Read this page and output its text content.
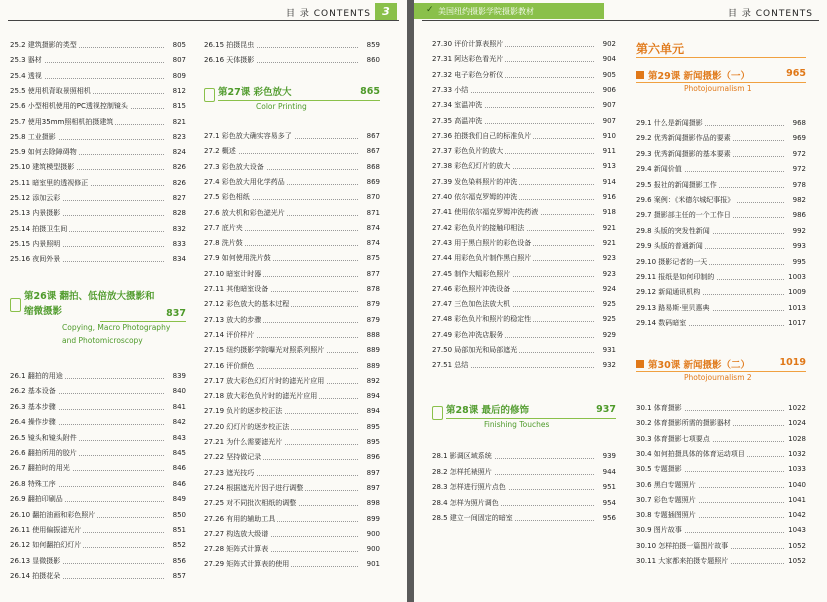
目 录 CONTENTS	3
25.2 建筑摄影的类型	805
25.3 器材	807
25.4 透视	809
25.5 使用机背取景照相机	812
25.6 小型相机使用的PC透视控制镜头	815
25.7 使用35mm照相机拍摄建筑	821
25.8 工业摄影	823
25.9 如何去除障碍物	824
25.10 建筑模型摄影	826
25.11 暗室里的透视修正	826
25.12 添加云彩	827
25.13 内景摄影	828
25.14 拍摄卫生间	832
25.15 内景照明	833
25.16 夜间外景	834
26.1 翻拍的用途	839
26.2 基本设备	840
26.3 基本步骤	841
26.4 操作步骤	842
26.5 镜头和镜头附件	843
26.6 翻拍所用的胶片	845
26.7 翻拍时的用光	846
26.8 特殊工序	846
26.9 翻拍印刷品	849
26.10 翻拍油画和彩色照片	850
26.11 使用偏振滤光片	851
26.12 如何翻拍幻灯片	852
26.13 显微摄影	856
26.14 拍摄花朵	857
第26课 翻拍、低倍放大摄影和
缩微摄影	837
Copying, Macro Photography
and Photomicroscopy
26.15 拍摄昆虫	859
26.16 天体摄影	860
第27课 彩色放大	865
Color Printing
27.1 彩色放大确实容易多了	867
27.2 概述	867
27.3 彩色放大设备	868
27.4 彩色放大用化学药品	869
27.5 彩色相纸	870
27.6 放大机和彩色滤光片	871
27.7 底片夹	874
27.8 洗片鼓	874
27.9 如何使用洗片鼓	875
27.10 暗室计时器	877
27.11 其他暗室设备	878
27.12 彩色放大的基本过程	879
27.13 放大的步骤	879
27.14 评价样片	888
27.15 纽约摄影学院曝光对照系列照片	889
27.16 评价颜色	889
27.17 放大彩色幻灯片时的滤光片应用	892
27.18 放大彩色负片时的滤光片应用	894
27.19 负片的逐步校正法	894
27.20 幻灯片的逐步校正法	895
27.21 为什么需要滤光片	895
27.22 坚持做记录	896
27.23 遮光技巧	897
27.24 根据遮光片因子进行调整	897
27.25 对不同批次相纸的调整	898
27.26 有用的辅助工具	899
27.27 构选放大级谱	900
27.28 矩阵式计算表	900
27.29 矩阵式计算表的使用	901
✓ 美国纽约摄影学院摄影教材	目 录 CONTENTS
27.30 评价计算表照片	902
27.31 阿达彩色看光片	904
27.32 电子彩色分析仪	905
27.33 小结	906
27.34 室温冲洗	907
27.35 高温冲洗	907
27.36 拍摄我们自己的标准负片	910
27.37 彩色负片的放大	911
27.38 彩色幻灯片的放大	913
27.39 发色染料照片的冲洗	914
27.40 依尔福克罗姆的冲洗	916
27.41 使用依尔福克罗姆冲洗药液	918
27.42 彩色负片的接触印相法	921
27.43 用于黑白照片的彩色设备	921
27.44 用彩色负片制作黑白照片	923
27.45 制作大幅彩色照片	923
27.46 彩色照片冲洗设备	924
27.47 三色加色法放大机	925
27.48 彩色负片和照片的稳定性	925
27.49 彩色冲洗店服务	929
27.50 局部加光和局部遮光	931
27.51 总结	932
第28课 最后的修饰	937
Finishing Touches
28.1 影调区域系统	939
28.2 怎样托裱照片	944
28.3 怎样进行照片点色	951
28.4 怎样为照片调色	954
28.5 建立一间固定的暗室	956
第六单元
第29课 新闻摄影（一）	965
Photojournalism 1
29.1 什么是新闻摄影	968
29.2 优秀新闻摄影作品的要素	969
29.3 优秀新闻摄影的基本要素	972
29.4 新闻价值	972
29.5 报社的新闻摄影工作	978
29.6 案例：《米德尔城纪事报》	982
29.7 摄影部主任的一个工作日	986
29.8 头版的突发性新闻	992
29.9 头版的普通新闻	993
29.10 摄影记者的一天	995
29.11 报纸是如何印制的	1003
29.12 新闻通讯机构	1009
29.13 路易斯·里贝惠典	1013
29.14 数码暗室	1017
第30课 新闻摄影（二）	1019
Photojournalism 2
30.1 体育摄影	1022
30.2 体育摄影所需的摄影器材	1024
30.3 体育摄影七项要点	1028
30.4 如何拍摄具体的体育运动项目	1032
30.5 专题摄影	1033
30.6 黑白专题照片	1040
30.7 彩色专题照片	1041
30.8 专题插图照片	1042
30.9 图片故事	1043
30.10 怎样拍摄一篇图片故事	1052
30.11 大家都来拍摄专题照片	1052
